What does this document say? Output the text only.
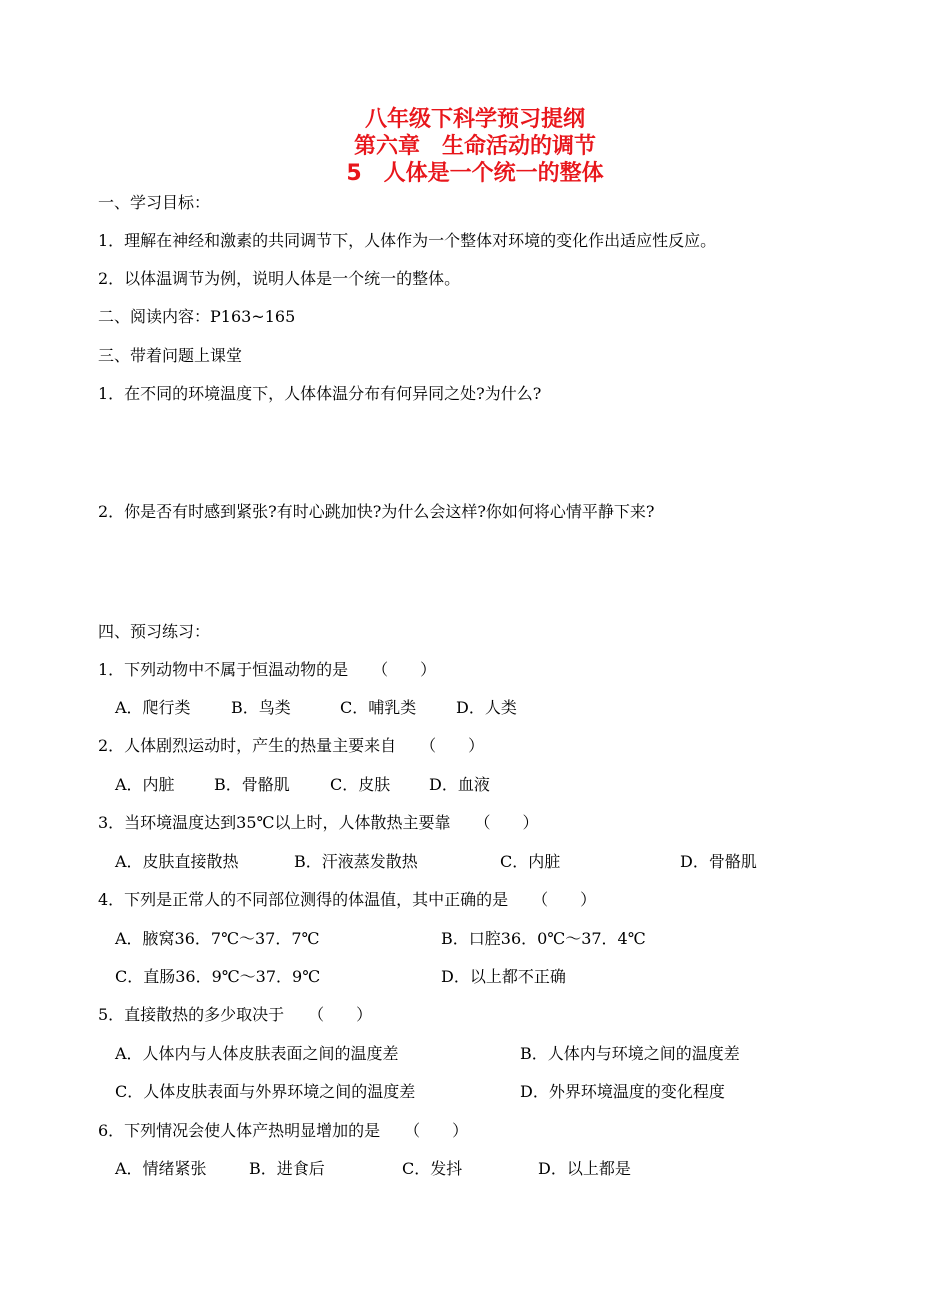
八年级下科学预习提纲
第六章　生命活动的调节
5　人体是一个统一的整体
一、学习目标：
1．理解在神经和激素的共同调节下，人体作为一个整体对环境的变化作出适应性反应。
2．以体温调节为例，说明人体是一个统一的整体。
二、阅读内容：P163~165
三、带着问题上课堂
1．在不同的环境温度下，人体体温分布有何异同之处?为什么?
2．你是否有时感到紧张?有时心跳加快?为什么会这样?你如何将心情平静下来?
四、预习练习：
1．下列动物中不属于恒温动物的是　　（　　）
A．爬行类	B．鸟类	C．哺乳类 D．人类
2．人体剧烈运动时，产生的热量主要来自　　（　　）
A．内脏 B．骨骼肌	C．皮肤 D．血液
3．当环境温度达到35℃以上时，人体散热主要靠　　（　　）
A．皮肤直接散热	B．汗液蒸发散热	C．内脏	D．骨骼肌
4．下列是正常人的不同部位测得的体温值，其中正确的是　　（　　）
A．腋窝36．7℃～37．7℃	B．口腔36．0℃～37．4℃
C．直肠36．9℃～37．9℃	D．以上都不正确
5．直接散热的多少取决于　　（　　）
A．人体内与人体皮肤表面之间的温度差	B．人体内与环境之间的温度差
C．人体皮肤表面与外界环境之间的温度差	D．外界环境温度的变化程度
6．下列情况会使人体产热明显增加的是　　（　　）
A．情绪紧张	B．进食后	C．发抖	D．以上都是
